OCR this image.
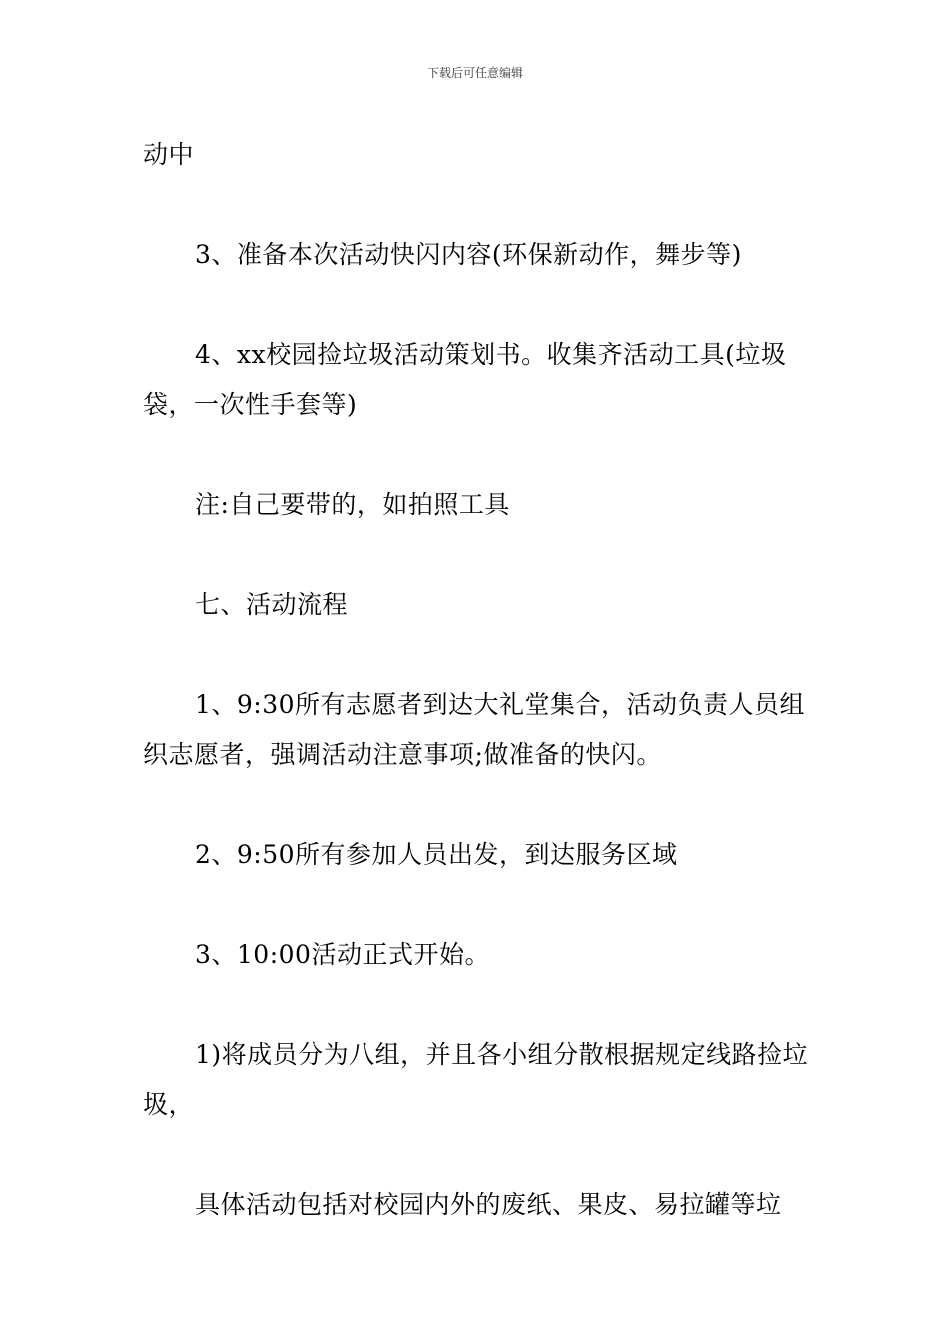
下载后可任意编辑

动中

3、准备本次活动快闪内容(环保新动作，舞步等)

4、xx校园捡垃圾活动策划书。收集齐活动工具(垃圾袋，一次性手套等)

注:自己要带的，如拍照工具

七、活动流程

1、9:30所有志愿者到达大礼堂集合，活动负责人员组织志愿者，强调活动注意事项;做准备的快闪。

2、9:50所有参加人员出发，到达服务区域

3、10:00活动正式开始。

1)将成员分为八组，并且各小组分散根据规定线路捡垃圾，

具体活动包括对校园内外的废纸、果皮、易拉罐等垃
